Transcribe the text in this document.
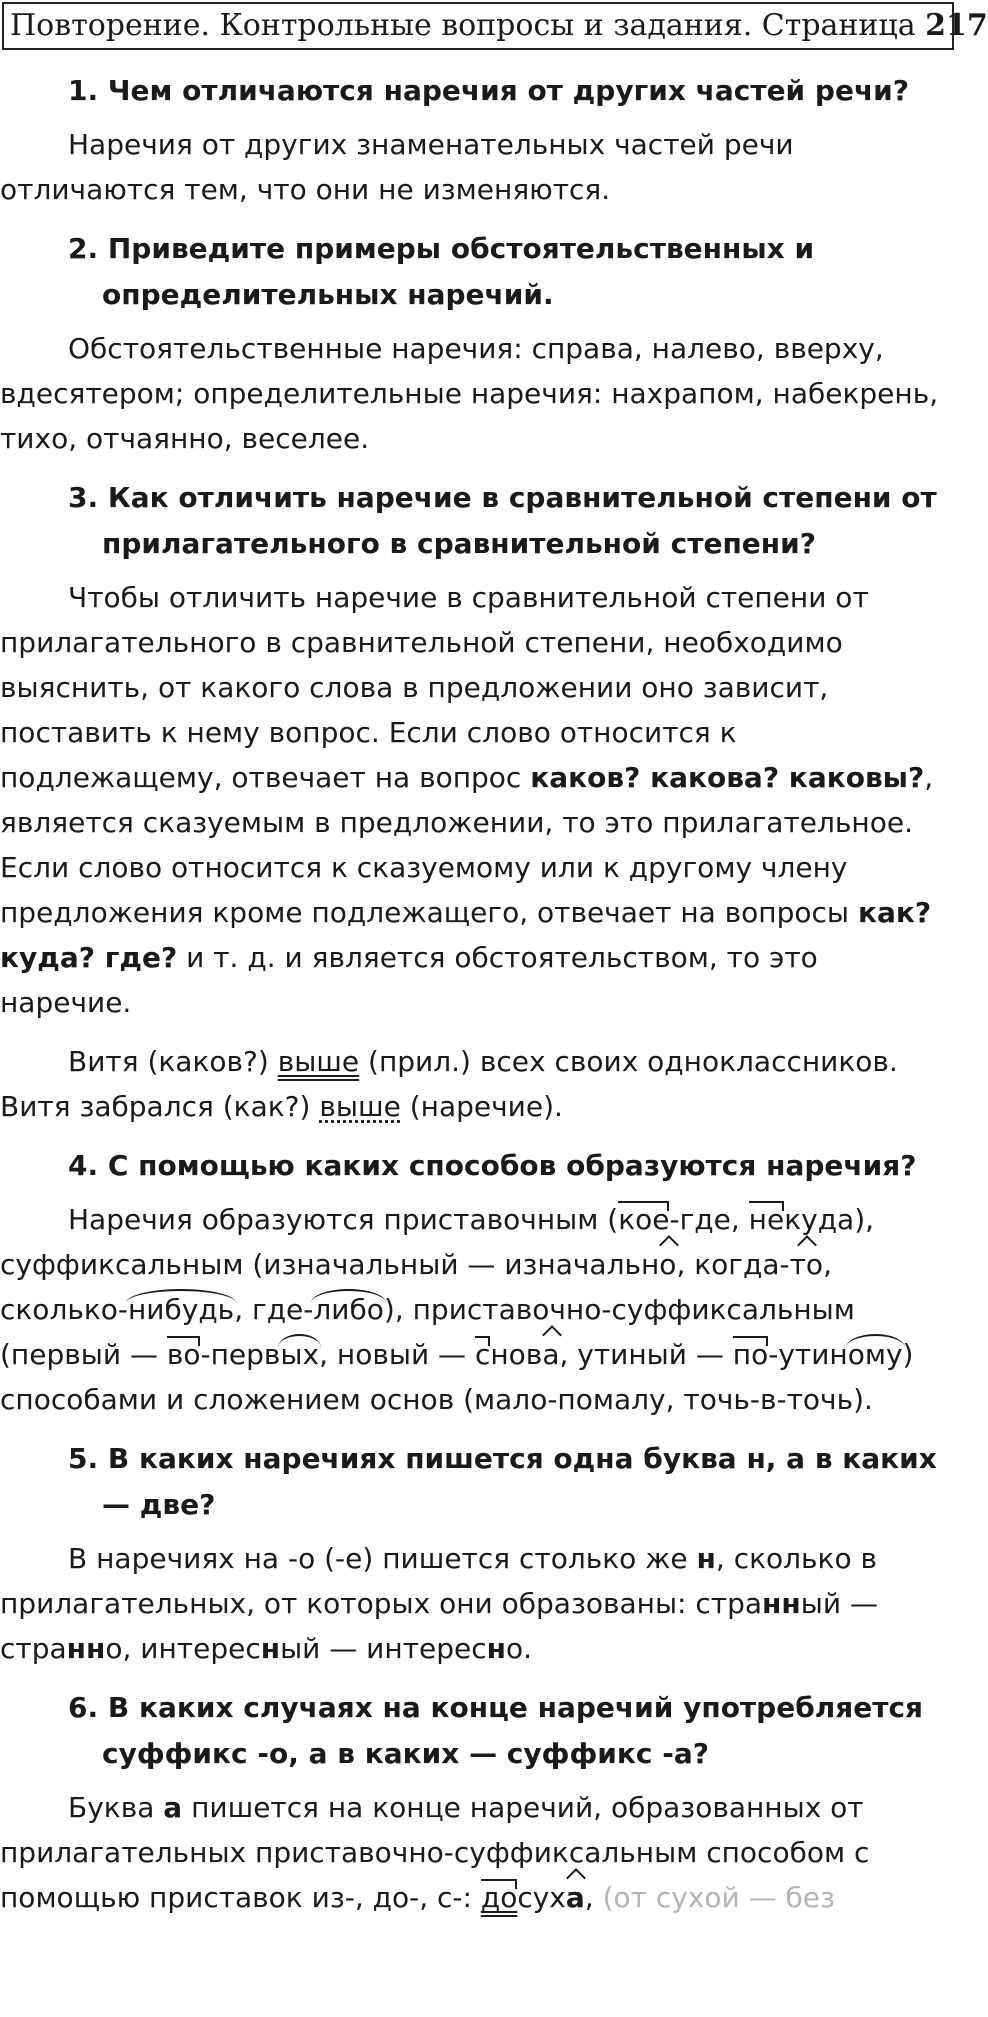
Повторение. Контрольные вопросы и задания. Страница 217
1. Чем отличаются наречия от других частей речи?
Наречия от других знаменательных частей речи отличаются тем, что они не изменяются.
2. Приведите примеры обстоятельственных и определительных наречий.
Обстоятельственные наречия: справа, налево, вверху, вдесятером; определительные наречия: нахрапом, набекрень, тихо, отчаянно, веселее.
3. Как отличить наречие в сравнительной степени от прилагательного в сравнительной степени?
Чтобы отличить наречие в сравнительной степени от прилагательного в сравнительной степени, необходимо выяснить, от какого слова в предложении оно зависит, поставить к нему вопрос. Если слово относится к подлежащему, отвечает на вопрос каков? какова? каковы?, является сказуемым в предложении, то это прилагательное. Если слово относится к сказуемому или к другому члену предложения кроме подлежащего, отвечает на вопросы как? куда? где? и т. д. и является обстоятельством, то это наречие.
Витя (каков?) выше (прил.) всех своих одноклассников. Витя забрался (как?) выше (наречие).
4. С помощью каких способов образуются наречия?
Наречия образуются приставочным (
кое-где,
некуда), суффиксальным (изначальный — изначальн
о, когда-
то, сколько-
нибудь, где-
либо), приставочно-суффиксальным (первый —
во-перв
ых, новый —
снов
а, утиный —
по-утин
ому) способами и сложением основ (мало-помалу, точь-в-точь).
5. В каких наречиях пишется одна буква н, а в каких — две?
В наречиях на -о (-е) пишется столько же н, сколько в прилагательных, от которых они образованы: странный — странно, интересный — интересно.
6. В каких случаях на конце наречий употребляется суффикс -о, а в каких — суффикс -а?
Буква а пишется на конце наречий, образованных от прилагательных приставочно-суффиксальным способом с помощью приставок из-, до-, с-:
досух
а, (от сухой — без
